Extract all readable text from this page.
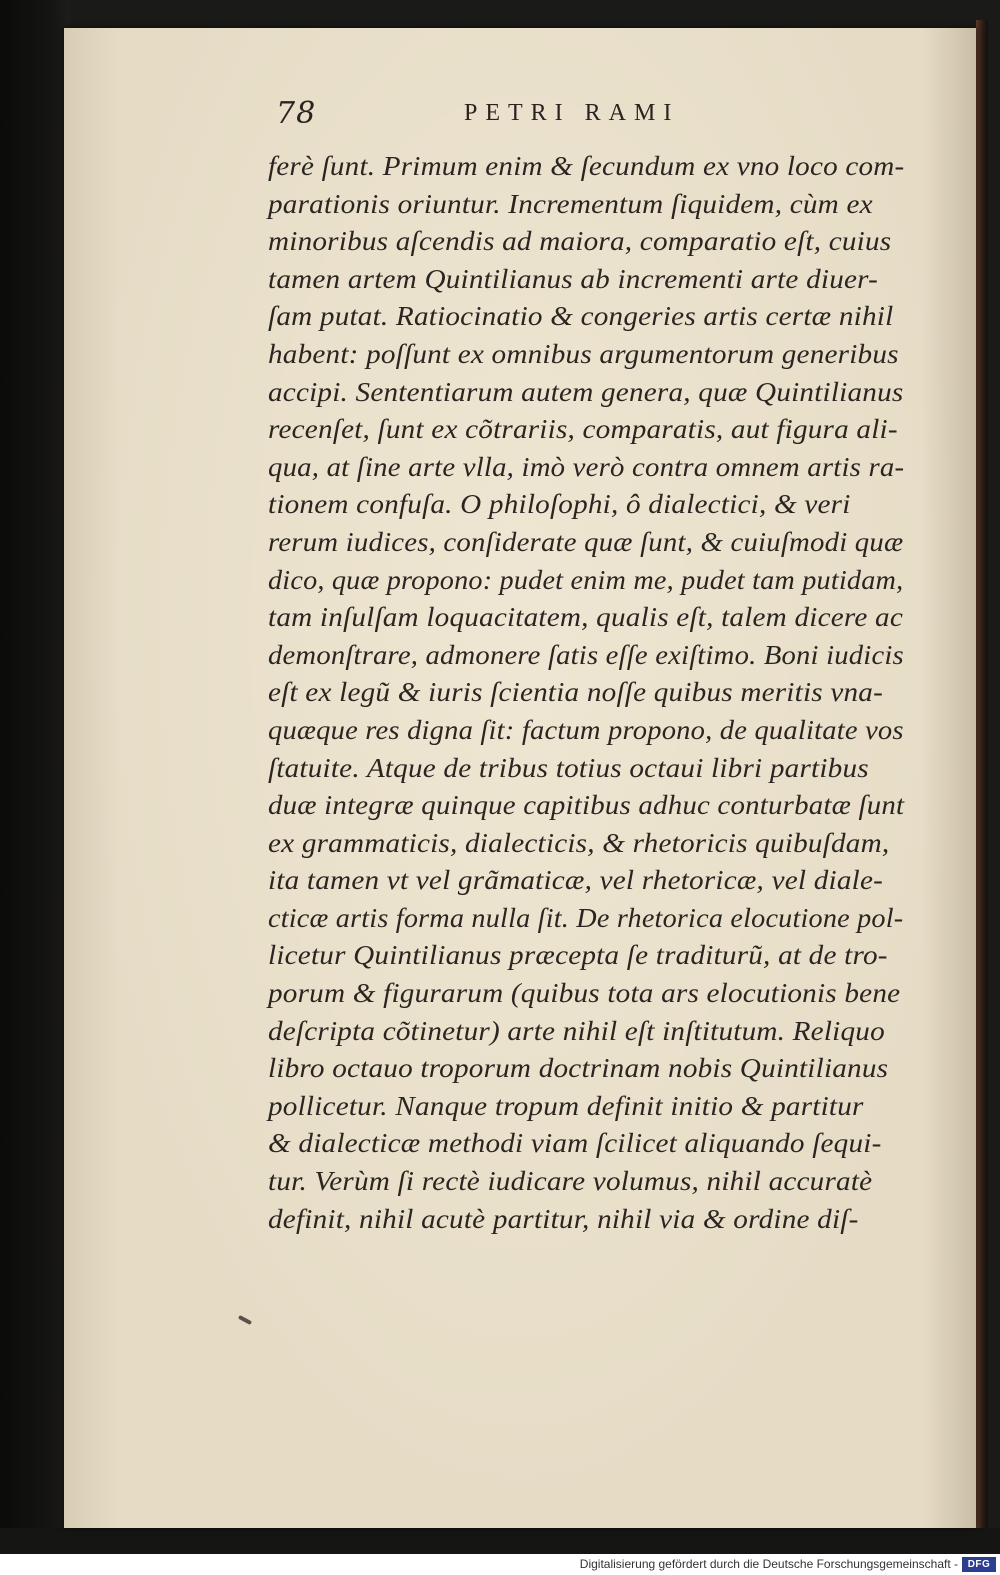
78	PETRI RAMI
ferè ſunt. Primum enim & ſecundum ex vno loco com-
parationis oriuntur. Incrementum ſiquidem, cùm ex
minoribus aſcendis ad maiora, comparatio eſt, cuius
tamen artem Quintilianus ab incrementi arte diuer-
ſam putat. Ratiocinatio & congeries artis certæ nihil
habent: poſſunt ex omnibus argumentorum generibus
accipi. Sententiarum autem genera, quæ Quintilianus
recenſet, ſunt ex cõtrariis, comparatis, aut figura ali-
qua, at ſine arte vlla, imò verò contra omnem artis ra-
tionem confuſa. O philoſophi, ô dialectici, & veri
rerum iudices, conſiderate quæ ſunt, & cuiuſmodi quæ
dico, quæ propono: pudet enim me, pudet tam putidam,
tam inſulſam loquacitatem, qualis eſt, talem dicere ac
demonſtrare, admonere ſatis eſſe exiſtimo. Boni iudicis
eſt ex legũ & iuris ſcientia noſſe quibus meritis vna-
quæque res digna ſit: factum propono, de qualitate vos
ſtatuite. Atque de tribus totius octaui libri partibus
duæ integræ quinque capitibus adhuc conturbatæ ſunt
ex grammaticis, dialecticis, & rhetoricis quibuſdam,
ita tamen vt vel grãmaticæ, vel rhetoricæ, vel diale-
cticæ artis forma nulla ſit. De rhetorica elocutione pol-
licetur Quintilianus præcepta ſe traditurũ, at de tro-
porum & figurarum (quibus tota ars elocutionis bene
deſcripta cõtinetur) arte nihil eſt inſtitutum. Reliquo
libro octauo troporum doctrinam nobis Quintilianus
pollicetur. Nanque tropum definit initio & partitur
& dialecticæ methodi viam ſcilicet aliquando ſequi-
tur. Verùm ſi rectè iudicare volumus, nihil accuratè
definit, nihil acutè partitur, nihil via & ordine diſ-
Digitalisierung gefördert durch die Deutsche Forschungsgemeinschaft - DFG
